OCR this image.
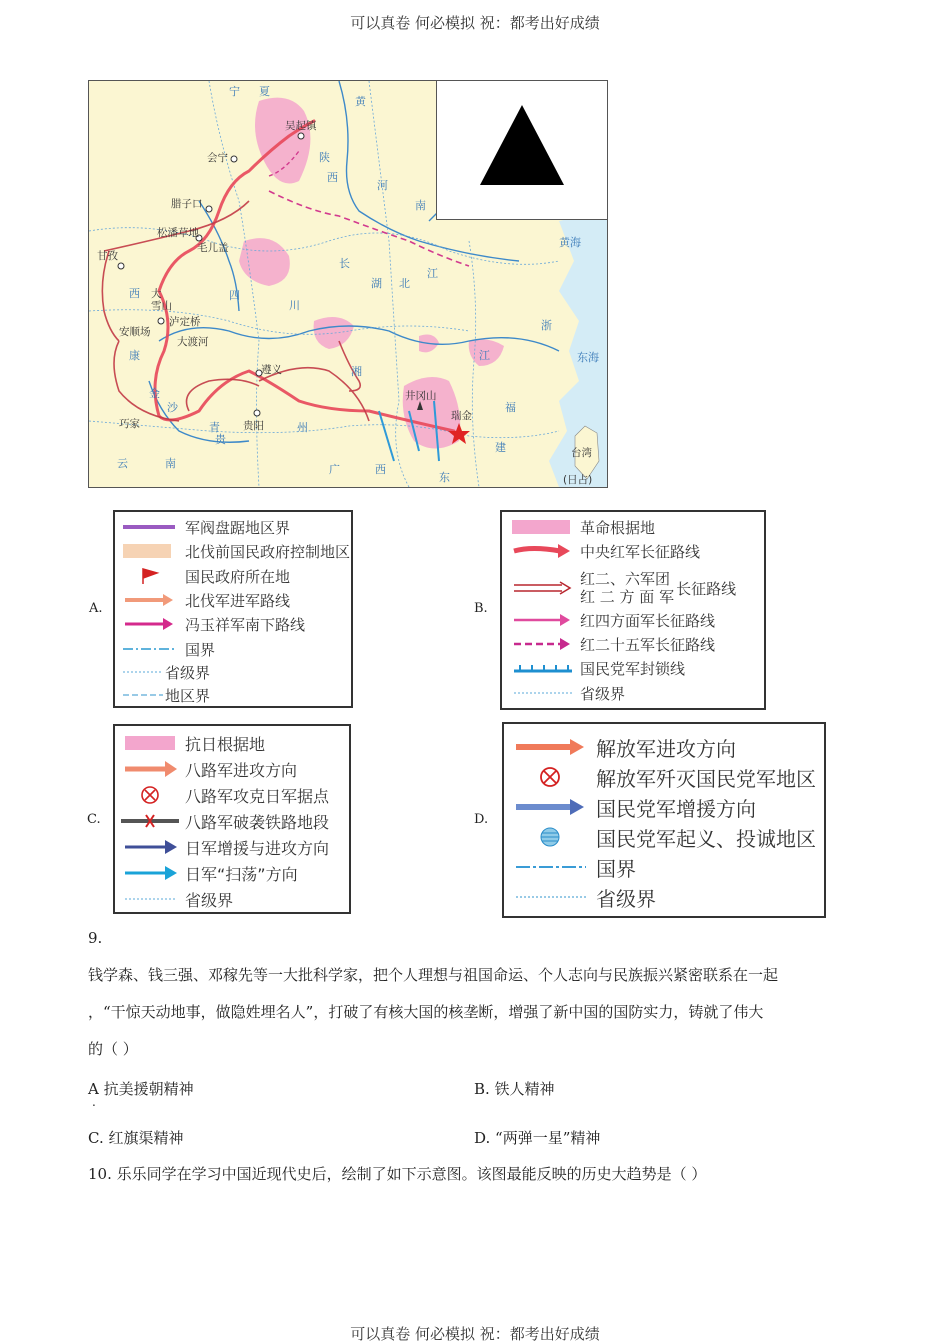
可以真卷 何必模拟 祝：都考出好成绩
吴起镇
会宁
腊子口
松潘草地
毛儿盖
甘孜
泸定桥
安顺场
遵义
贵阳
瑞金
井冈山
巧家
大渡河
雪山
大
(日占)
宁 夏
黄
河
陕
西
南
湖 北
四
川
长
江
湘
贵
州
云	南	广	西
东
江
福
建
浙
黄海
东海
台湾
西
康
金
沙
青
A.
军阀盘踞地区界
北伐前国民政府控制地区
国民政府所在地
北伐军进军路线
冯玉祥军南下路线
国界
省级界
地区界
B.
革命根据地
中央红军长征路线
红二、六军团
红 二 方 面 军 长征路线
红四方面军长征路线
红二十五军长征路线
国民党军封锁线
省级界
C.
抗日根据地
八路军进攻方向
八路军攻克日军据点
八路军破袭铁路地段
日军增援与进攻方向
日军“扫荡”方向
省级界
D.
解放军进攻方向
解放军歼灭国民党军地区
国民党军增援方向
国民党军起义、投诚地区
国界
省级界
9.
钱学森、钱三强、邓稼先等一大批科学家，把个人理想与祖国命运、个人志向与民族振兴紧密联系在一起
，“干惊天动地事，做隐姓埋名人”，打破了有核大国的核垄断，增强了新中国的国防实力，铸就了伟大
的（ ）
A 抗美援朝精神
.
B. 铁人精神
C. 红旗渠精神	D. “两弹一星”精神
10. 乐乐同学在学习中国近现代史后，绘制了如下示意图。该图最能反映的历史大趋势是（ ）
可以真卷 何必模拟 祝：都考出好成绩
